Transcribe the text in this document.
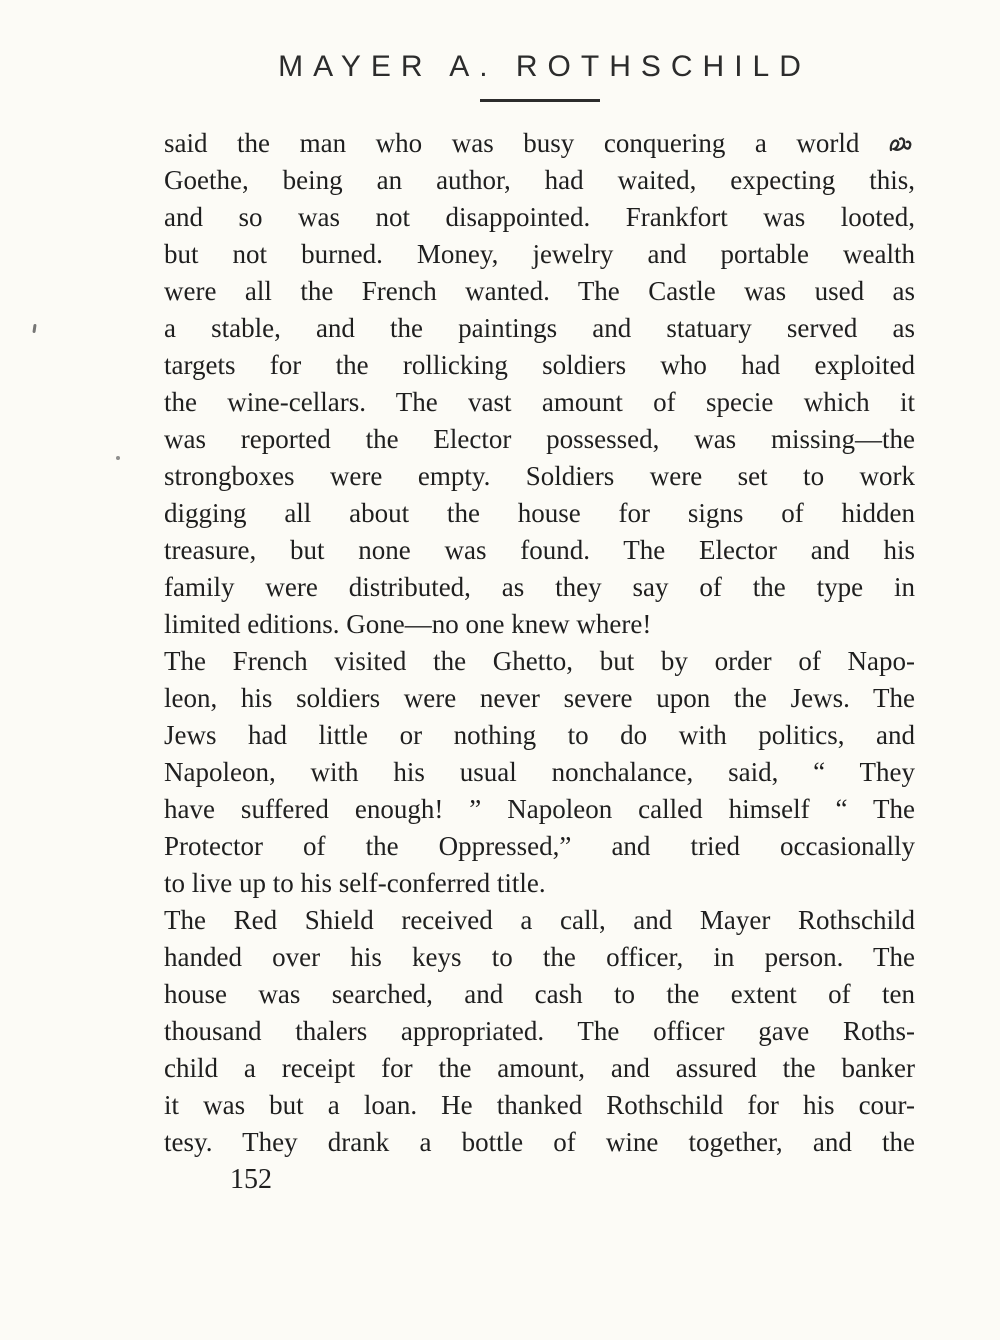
MAYER A. ROTHSCHILD
said the man who was busy conquering a world
Goethe, being an author, had waited, expecting this,
and so was not disappointed. Frankfort was looted,
but not burned. Money, jewelry and portable wealth
were all the French wanted. The Castle was used as
a stable, and the paintings and statuary served as
targets for the rollicking soldiers who had exploited
the wine-cellars. The vast amount of specie which it
was reported the Elector possessed, was missing—the
strongboxes were empty. Soldiers were set to work
digging all about the house for signs of hidden
treasure, but none was found. The Elector and his
family were distributed, as they say of the type in
limited editions. Gone—no one knew where!
The French visited the Ghetto, but by order of Napo-
leon, his soldiers were never severe upon the Jews. The
Jews had little or nothing to do with politics, and
Napoleon, with his usual nonchalance, said, “ They
have suffered enough! ” Napoleon called himself “ The
Protector of the Oppressed,” and tried occasionally
to live up to his self-conferred title.
The Red Shield received a call, and Mayer Rothschild
handed over his keys to the officer, in person. The
house was searched, and cash to the extent of ten
thousand thalers appropriated. The officer gave Roths-
child a receipt for the amount, and assured the banker
it was but a loan. He thanked Rothschild for his cour-
tesy. They drank a bottle of wine together, and the
152
